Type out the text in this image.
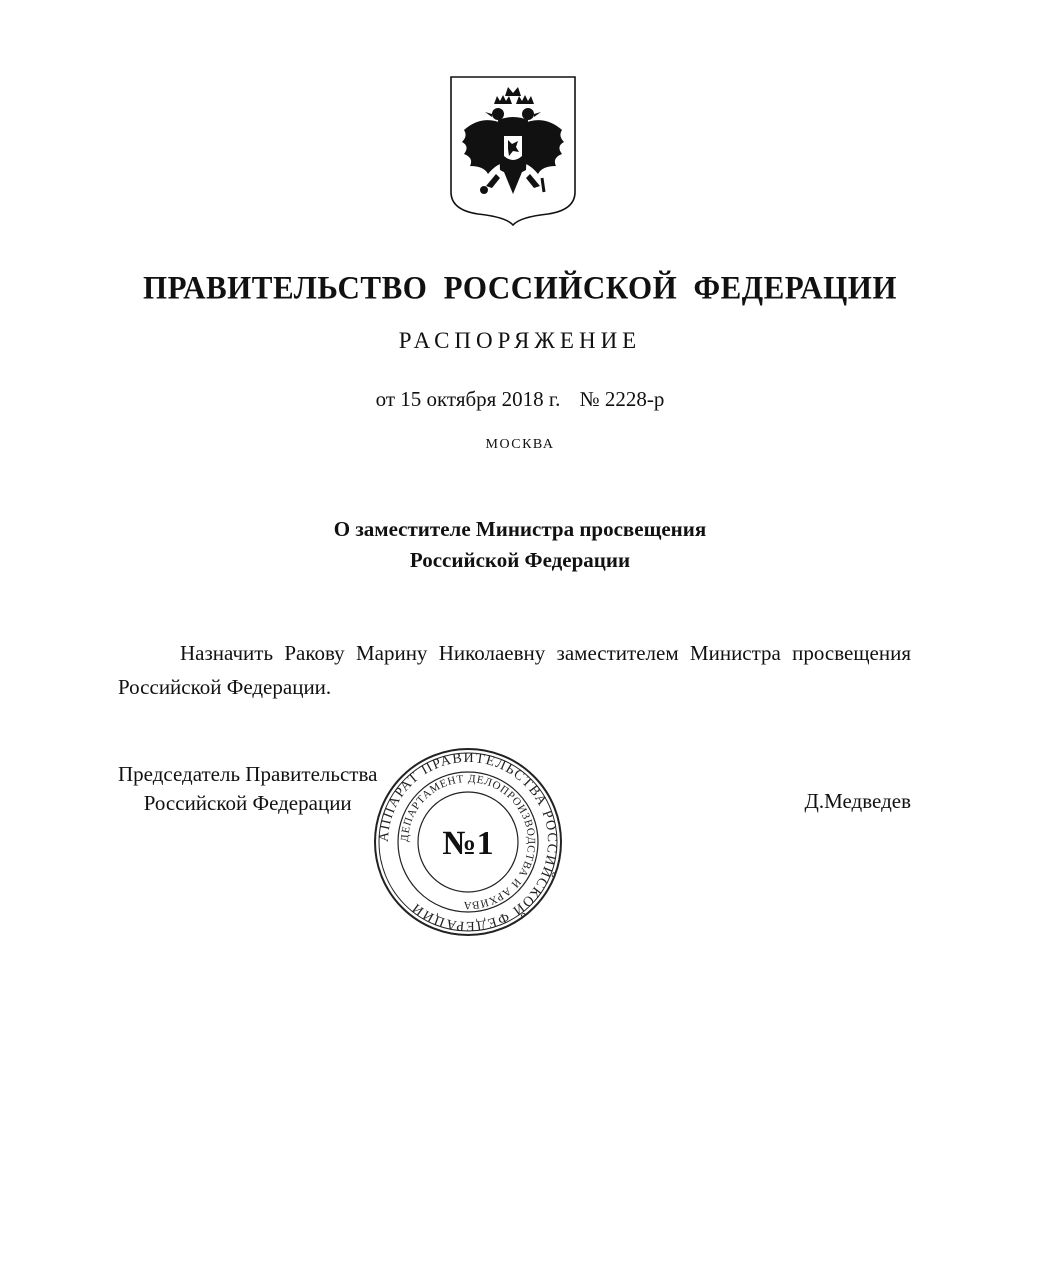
ПРАВИТЕЛЬСТВО РОССИЙСКОЙ ФЕДЕРАЦИИ
РАСПОРЯЖЕНИЕ
от 15 октября 2018 г. № 2228-р
МОСКВА
О заместителе Министра просвещения
Российской Федерации

Назначить Ракову Марину Николаевну заместителем Министра просвещения Российской Федерации.

Председатель Правительства
Российской Федерации	Д.Медведев
АППАРАТ ПРАВИТЕЛЬСТВА РОССИЙСКОЙ ФЕДЕРАЦИИ
ДЕПАРТАМЕНТ ДЕЛОПРОИЗВОДСТВА И АРХИВА
№1
